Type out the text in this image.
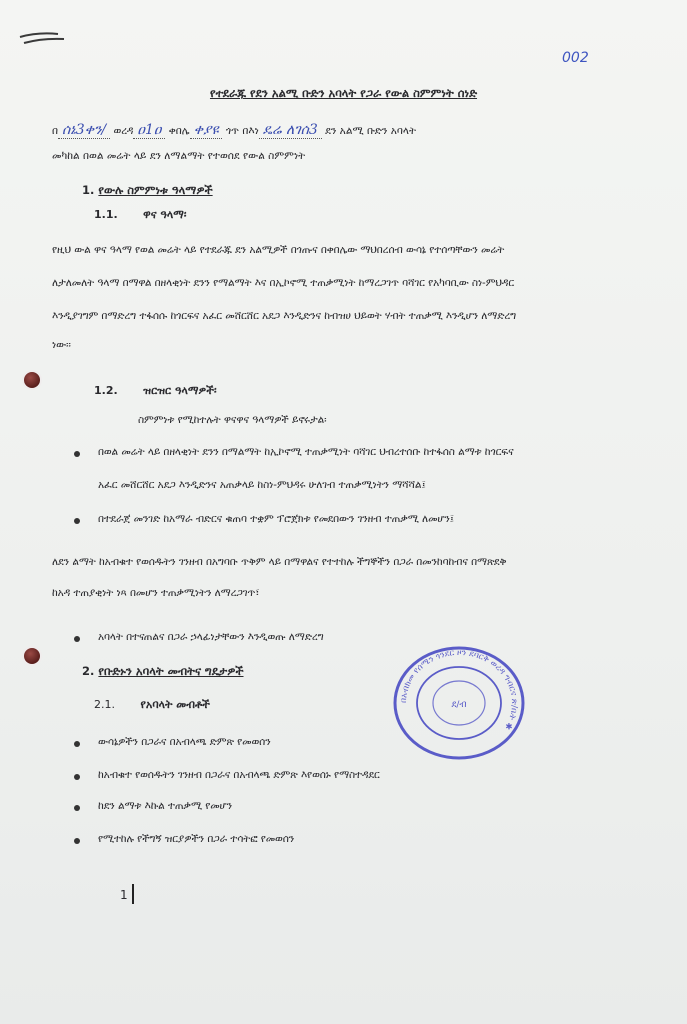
002
የተደራጁ የደን አልሚ ቡድን አባላት የጋራ የውል ስምምነት ሰነድ
በ ሰኔ3ቀን/ ወረዳ ዐ1ዐ ቀበሌ ቀያዩ ጎጥ በእነ ዴሬ ለገሰ3 ደን አልሚ ቡድን አባላት
መካከል በወል መሬት ላይ ደን ለማልማት የተወሰደ የውል ስምምነት
1. የውሉ ስምምነቱ ዓላማዎች
1.1. ዋና ዓላማ፡
የዚህ ውል ዋና ዓላማ የወል መሬት ላይ የተደራጁ ደን አልሚዎች በጎጡና በቀበሌው ማህበረሰብ ውሳኔ የተሰጣቸውን መሬት
ለታለመለት ዓላማ በማዋል በዘላቂነት ደንን የማልማት እና በኢኮኖሚ ተጠቃሚነት ከማረጋገጥ ባሻገር የአካባቢው ስነ-ምህዳር
እንዲያገግም በማድረግ ተፋሰሱ ከጎርፍና አፈር መሸርሸር አደጋ እንዲድንና ከብዝሀ ህይወት ሃብት ተጠቃሚ እንዲሆን ለማድረግ
ነው፡፡
1.2. ዝርዝር ዓላማዎች፡
ስምምነቱ የሚከተሉት ዋናዋና ዓላማዎች ይኖሩታል፡
በወል መሬት ላይ በዘላቂነት ደንን በማልማት ከኢኮኖሚ ተጠቃሚነት ባሻገር ህብረተሰቡ ከተፋሰስ ልማቱ ከጎርፍና
አፈር መሸርሸር አደጋ እንዲድንና አጠቃላይ ከስነ-ምህዳሩ ሁለገብ ተጠቃሚነትን ማሻሻል፤
በተደራጀ መንገድ ከአማራ ብድርና ቁጠባ ተቋም ፕሮጀክቱ የመደበውን ገንዘብ ተጠቃሚ ለመሆን፤
ለደን ልማት ከአብቁተ የወሰዱትን ገንዘብ በአግባቡ ጥቅም ላይ በማዋልና የተተከሉ ችግኞችን በጋራ በመንከባከብና በማጽደቅ
ከአዳ ተጠያቂነት ነጻ በመሆን ተጠቃሚነትን ለማረጋገጥ፣
አባላት በተናጠልና በጋራ ኃላፊነታቸውን እንዲወጡ ለማድረግ
2. የቡድኑን አባላት መብትና ግዴታዎች
2.1. የአባላት መብቶች
ውሳኔዎችን በጋራና በአብላጫ ድምጽ የመወሰን
ከአብቁተ የወሰዱትን ገንዘብ በጋራና በአብላጫ ድምጽ እየወሰኑ የማስተዳደር
ከደን ልማቱ እኩል ተጠቃሚ የመሆን
የሚተከሉ የችግኝ ዝርያዎችን በጋራ ተሳትፎ የመወሰን
በአብክመ የሰሜን ጎንደር ዞን ደባርቅ ወረዳ ግብርና ጽ/ቤት ✱
ደ/ብ
1
